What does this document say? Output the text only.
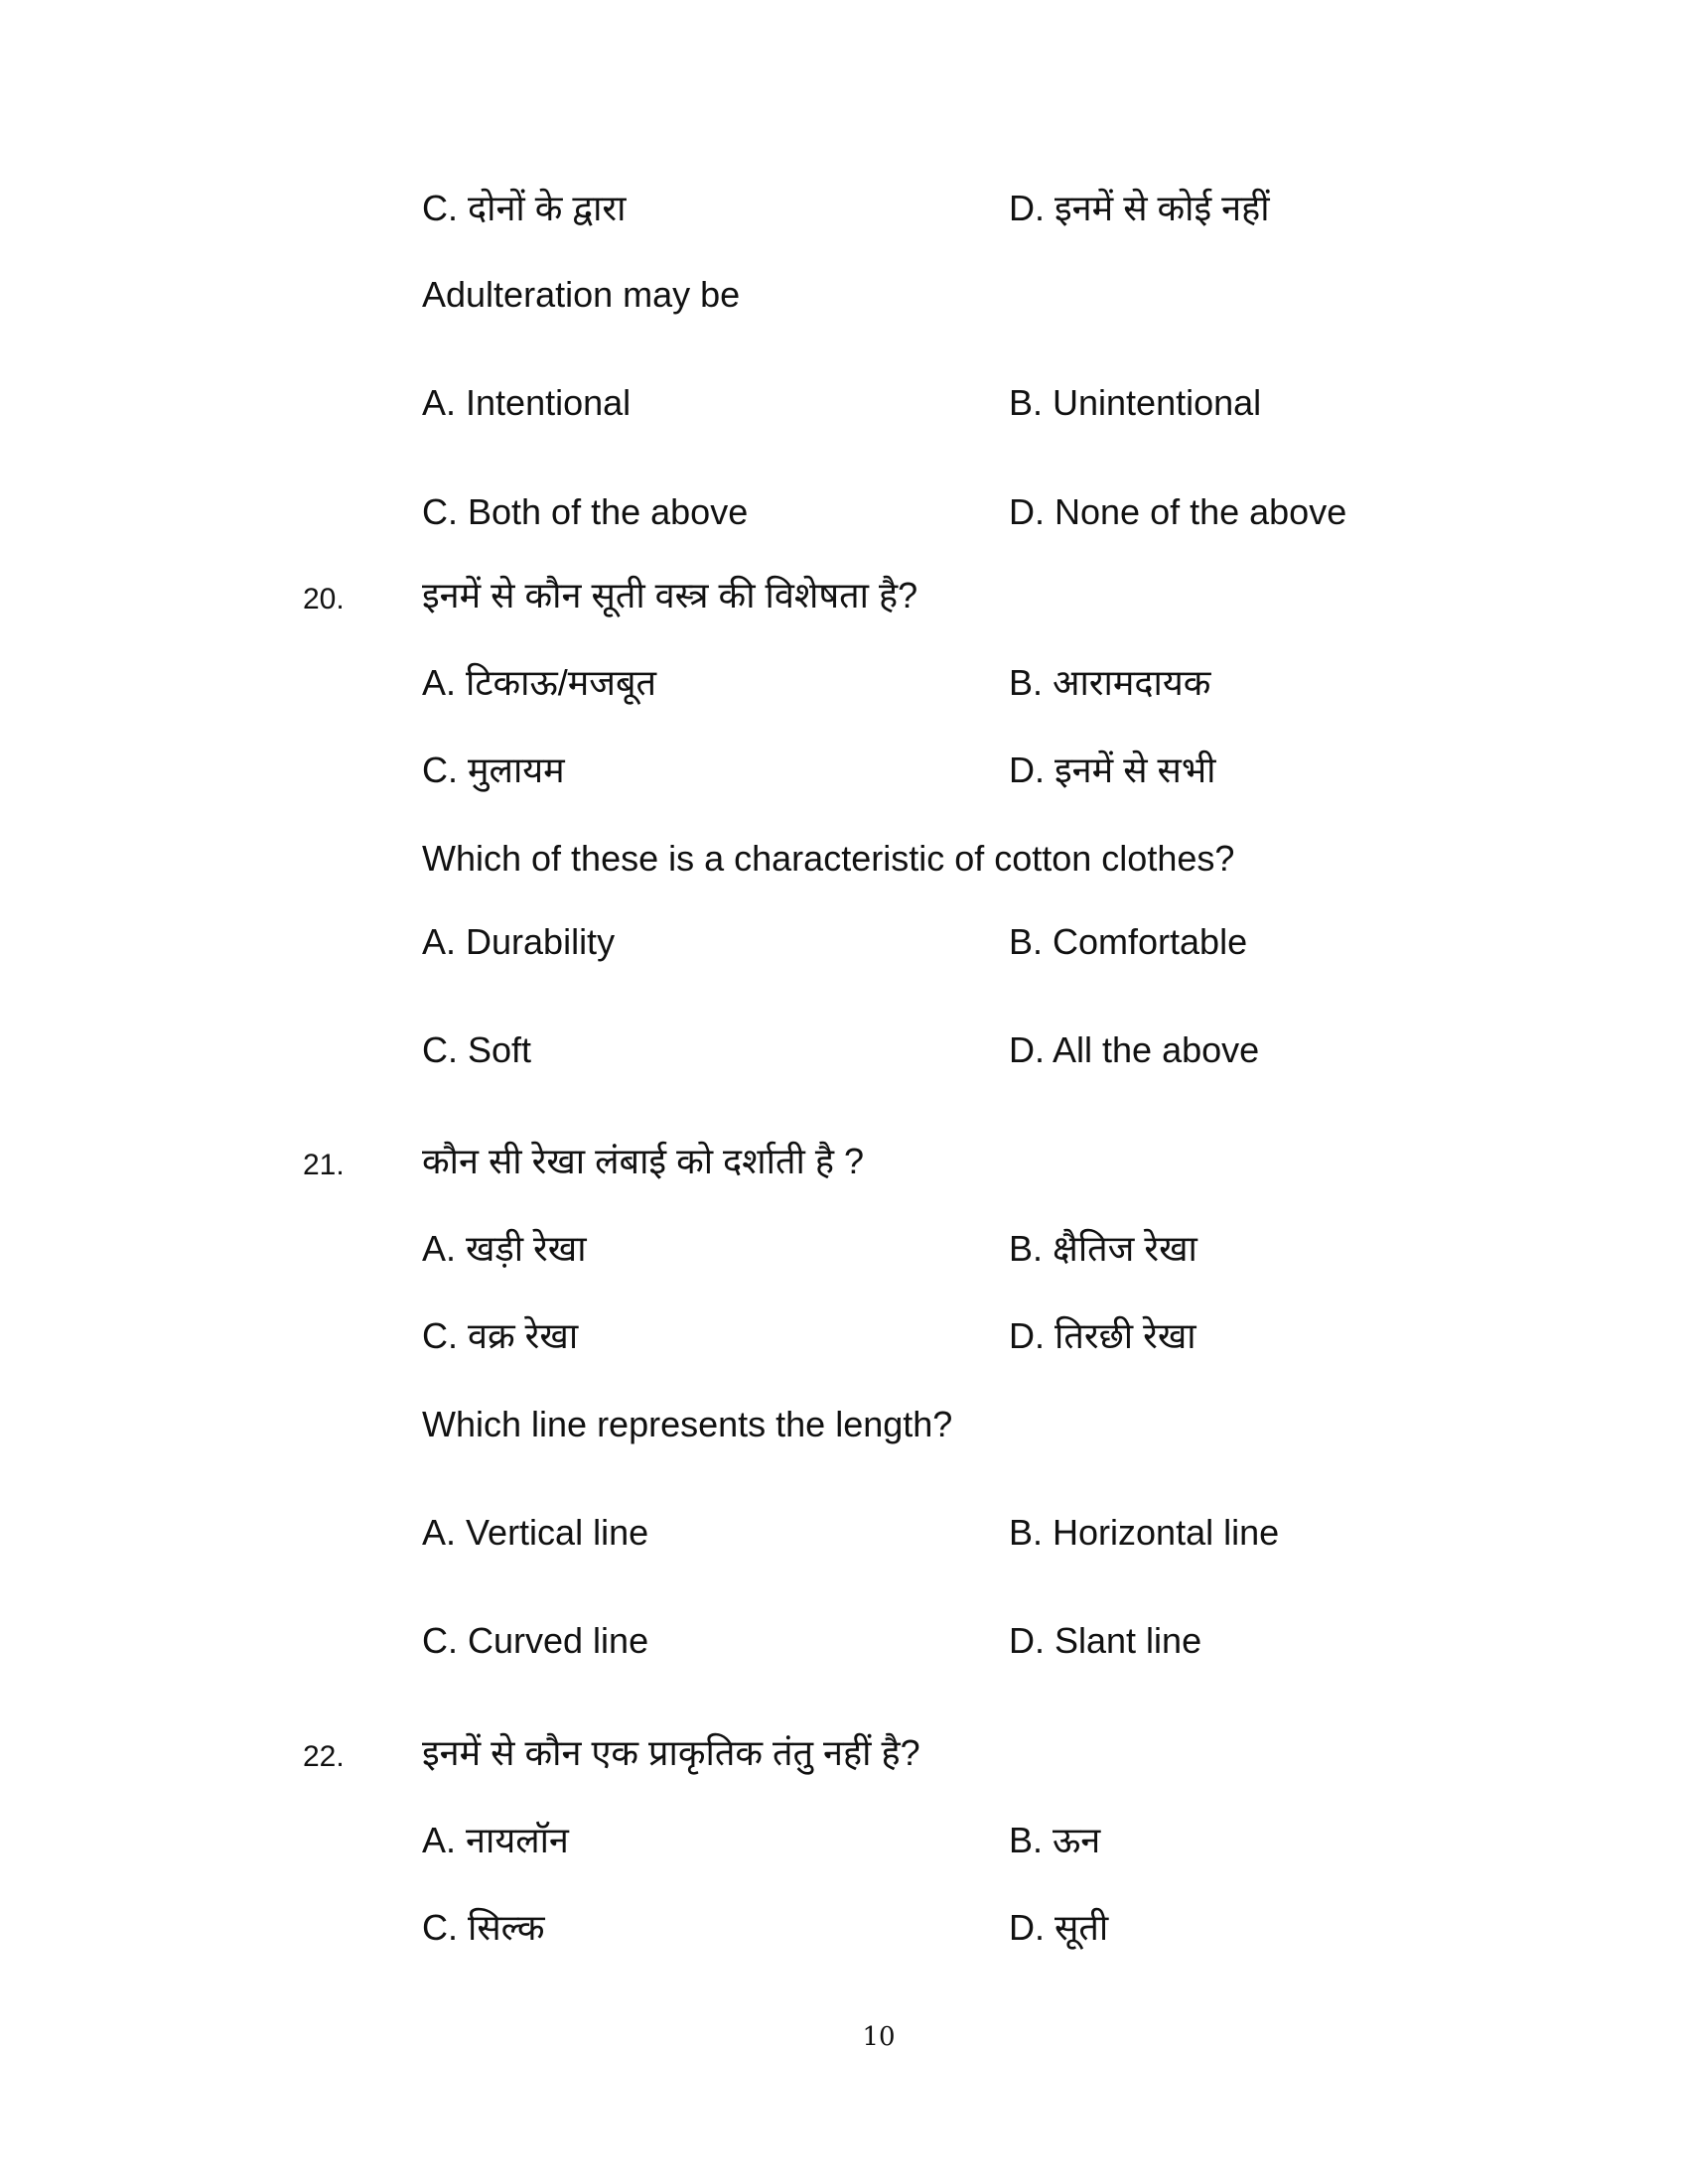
C. दोनों के द्वारा	D. इनमें से कोई नहीं
Adulteration may be
A. Intentional	B. Unintentional
C. Both of the above	D. None of the above
20. इनमें से कौन सूती वस्त्र की विशेषता है?
A. टिकाऊ/मजबूत	B. आरामदायक
C. मुलायम	D. इनमें से सभी
Which of these is a characteristic of cotton clothes?
A. Durability	B. Comfortable
C. Soft	D. All the above
21. कौन सी रेखा लंबाई को दर्शाती है ?
A. खड़ी रेखा	B. क्षैतिज रेखा
C. वक्र रेखा	D. तिरछी रेखा
Which line represents the length?
A. Vertical line	B. Horizontal line
C. Curved line	D. Slant line
22. इनमें से कौन एक प्राकृतिक तंतु नहीं है?
A. नायलॉन	B. ऊन
C. सिल्क	D. सूती
10
